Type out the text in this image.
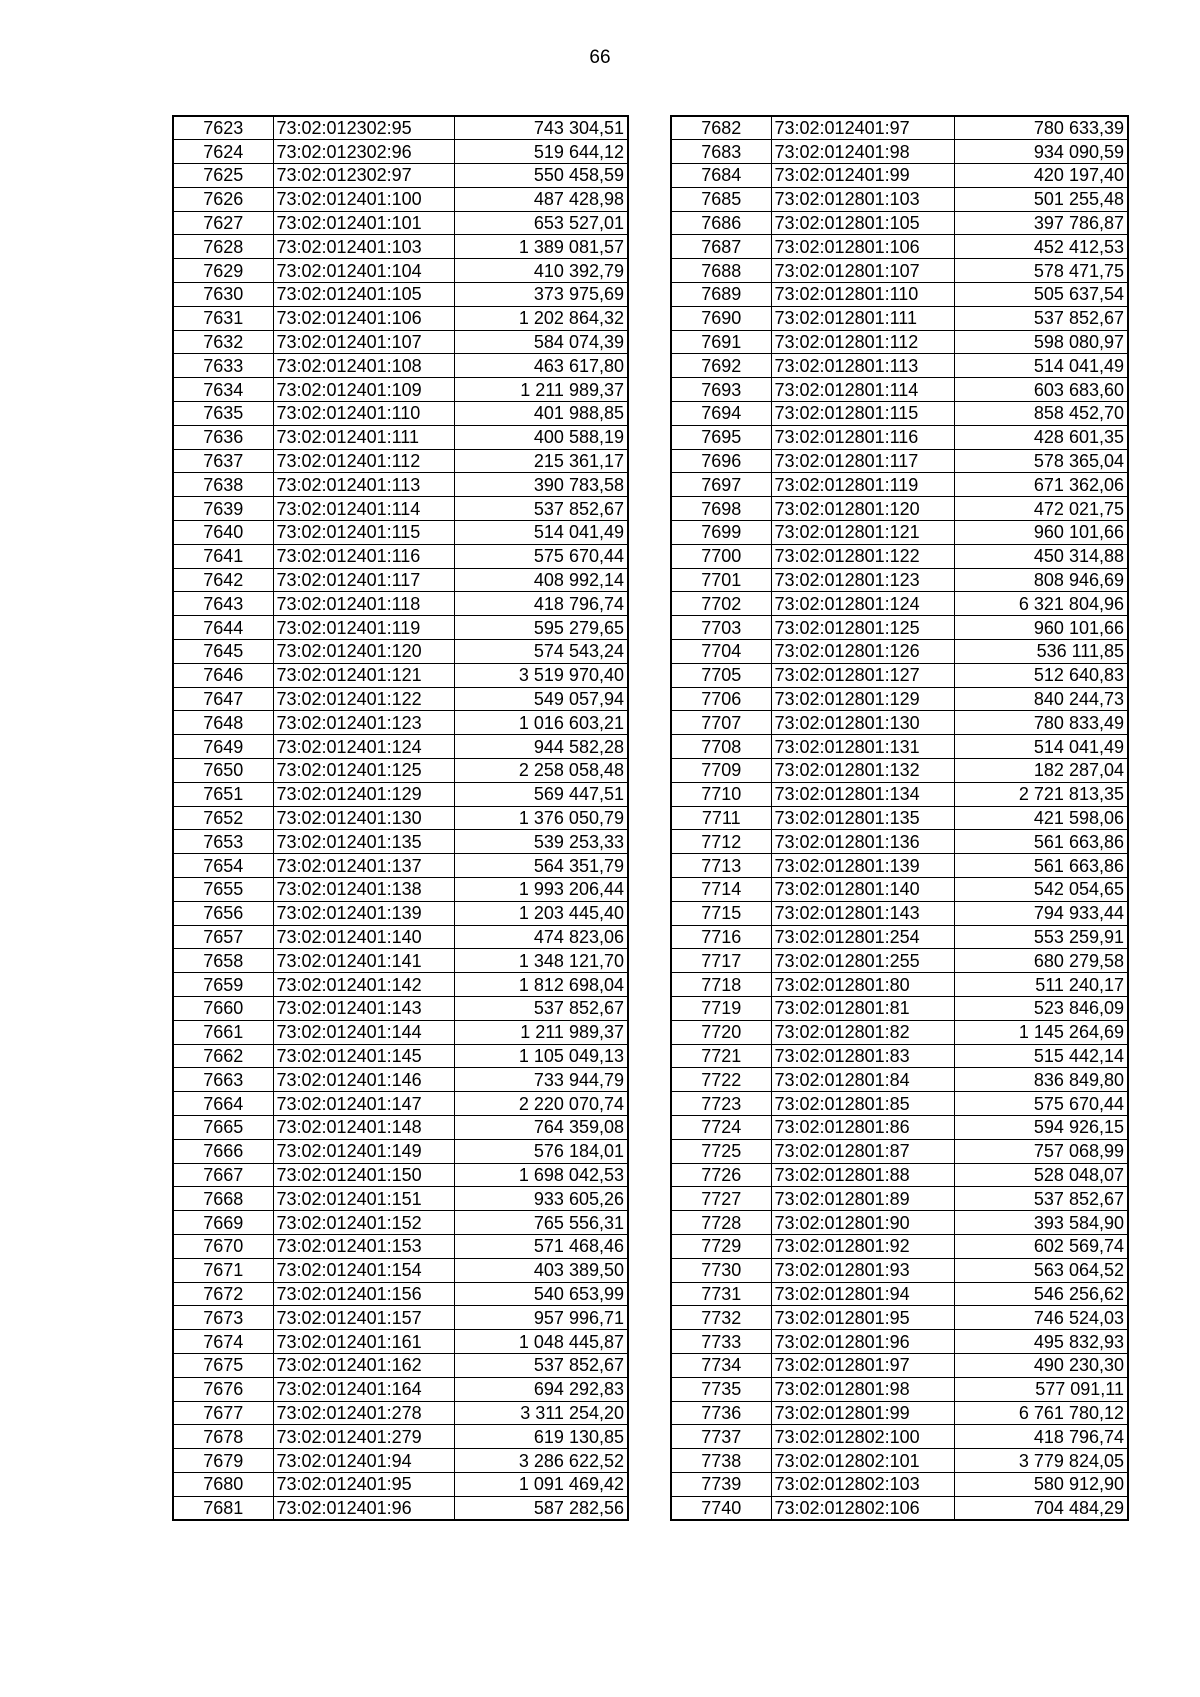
66
7623	73:02:012302:95	743 304,51
7624	73:02:012302:96	519 644,12
7625	73:02:012302:97	550 458,59
7626	73:02:012401:100	487 428,98
7627	73:02:012401:101	653 527,01
7628	73:02:012401:103	1 389 081,57
7629	73:02:012401:104	410 392,79
7630	73:02:012401:105	373 975,69
7631	73:02:012401:106	1 202 864,32
7632	73:02:012401:107	584 074,39
7633	73:02:012401:108	463 617,80
7634	73:02:012401:109	1 211 989,37
7635	73:02:012401:110	401 988,85
7636	73:02:012401:111	400 588,19
7637	73:02:012401:112	215 361,17
7638	73:02:012401:113	390 783,58
7639	73:02:012401:114	537 852,67
7640	73:02:012401:115	514 041,49
7641	73:02:012401:116	575 670,44
7642	73:02:012401:117	408 992,14
7643	73:02:012401:118	418 796,74
7644	73:02:012401:119	595 279,65
7645	73:02:012401:120	574 543,24
7646	73:02:012401:121	3 519 970,40
7647	73:02:012401:122	549 057,94
7648	73:02:012401:123	1 016 603,21
7649	73:02:012401:124	944 582,28
7650	73:02:012401:125	2 258 058,48
7651	73:02:012401:129	569 447,51
7652	73:02:012401:130	1 376 050,79
7653	73:02:012401:135	539 253,33
7654	73:02:012401:137	564 351,79
7655	73:02:012401:138	1 993 206,44
7656	73:02:012401:139	1 203 445,40
7657	73:02:012401:140	474 823,06
7658	73:02:012401:141	1 348 121,70
7659	73:02:012401:142	1 812 698,04
7660	73:02:012401:143	537 852,67
7661	73:02:012401:144	1 211 989,37
7662	73:02:012401:145	1 105 049,13
7663	73:02:012401:146	733 944,79
7664	73:02:012401:147	2 220 070,74
7665	73:02:012401:148	764 359,08
7666	73:02:012401:149	576 184,01
7667	73:02:012401:150	1 698 042,53
7668	73:02:012401:151	933 605,26
7669	73:02:012401:152	765 556,31
7670	73:02:012401:153	571 468,46
7671	73:02:012401:154	403 389,50
7672	73:02:012401:156	540 653,99
7673	73:02:012401:157	957 996,71
7674	73:02:012401:161	1 048 445,87
7675	73:02:012401:162	537 852,67
7676	73:02:012401:164	694 292,83
7677	73:02:012401:278	3 311 254,20
7678	73:02:012401:279	619 130,85
7679	73:02:012401:94	3 286 622,52
7680	73:02:012401:95	1 091 469,42
7681	73:02:012401:96	587 282,56
7682	73:02:012401:97	780 633,39
7683	73:02:012401:98	934 090,59
7684	73:02:012401:99	420 197,40
7685	73:02:012801:103	501 255,48
7686	73:02:012801:105	397 786,87
7687	73:02:012801:106	452 412,53
7688	73:02:012801:107	578 471,75
7689	73:02:012801:110	505 637,54
7690	73:02:012801:111	537 852,67
7691	73:02:012801:112	598 080,97
7692	73:02:012801:113	514 041,49
7693	73:02:012801:114	603 683,60
7694	73:02:012801:115	858 452,70
7695	73:02:012801:116	428 601,35
7696	73:02:012801:117	578 365,04
7697	73:02:012801:119	671 362,06
7698	73:02:012801:120	472 021,75
7699	73:02:012801:121	960 101,66
7700	73:02:012801:122	450 314,88
7701	73:02:012801:123	808 946,69
7702	73:02:012801:124	6 321 804,96
7703	73:02:012801:125	960 101,66
7704	73:02:012801:126	536 111,85
7705	73:02:012801:127	512 640,83
7706	73:02:012801:129	840 244,73
7707	73:02:012801:130	780 833,49
7708	73:02:012801:131	514 041,49
7709	73:02:012801:132	182 287,04
7710	73:02:012801:134	2 721 813,35
7711	73:02:012801:135	421 598,06
7712	73:02:012801:136	561 663,86
7713	73:02:012801:139	561 663,86
7714	73:02:012801:140	542 054,65
7715	73:02:012801:143	794 933,44
7716	73:02:012801:254	553 259,91
7717	73:02:012801:255	680 279,58
7718	73:02:012801:80	511 240,17
7719	73:02:012801:81	523 846,09
7720	73:02:012801:82	1 145 264,69
7721	73:02:012801:83	515 442,14
7722	73:02:012801:84	836 849,80
7723	73:02:012801:85	575 670,44
7724	73:02:012801:86	594 926,15
7725	73:02:012801:87	757 068,99
7726	73:02:012801:88	528 048,07
7727	73:02:012801:89	537 852,67
7728	73:02:012801:90	393 584,90
7729	73:02:012801:92	602 569,74
7730	73:02:012801:93	563 064,52
7731	73:02:012801:94	546 256,62
7732	73:02:012801:95	746 524,03
7733	73:02:012801:96	495 832,93
7734	73:02:012801:97	490 230,30
7735	73:02:012801:98	577 091,11
7736	73:02:012801:99	6 761 780,12
7737	73:02:012802:100	418 796,74
7738	73:02:012802:101	3 779 824,05
7739	73:02:012802:103	580 912,90
7740	73:02:012802:106	704 484,29
